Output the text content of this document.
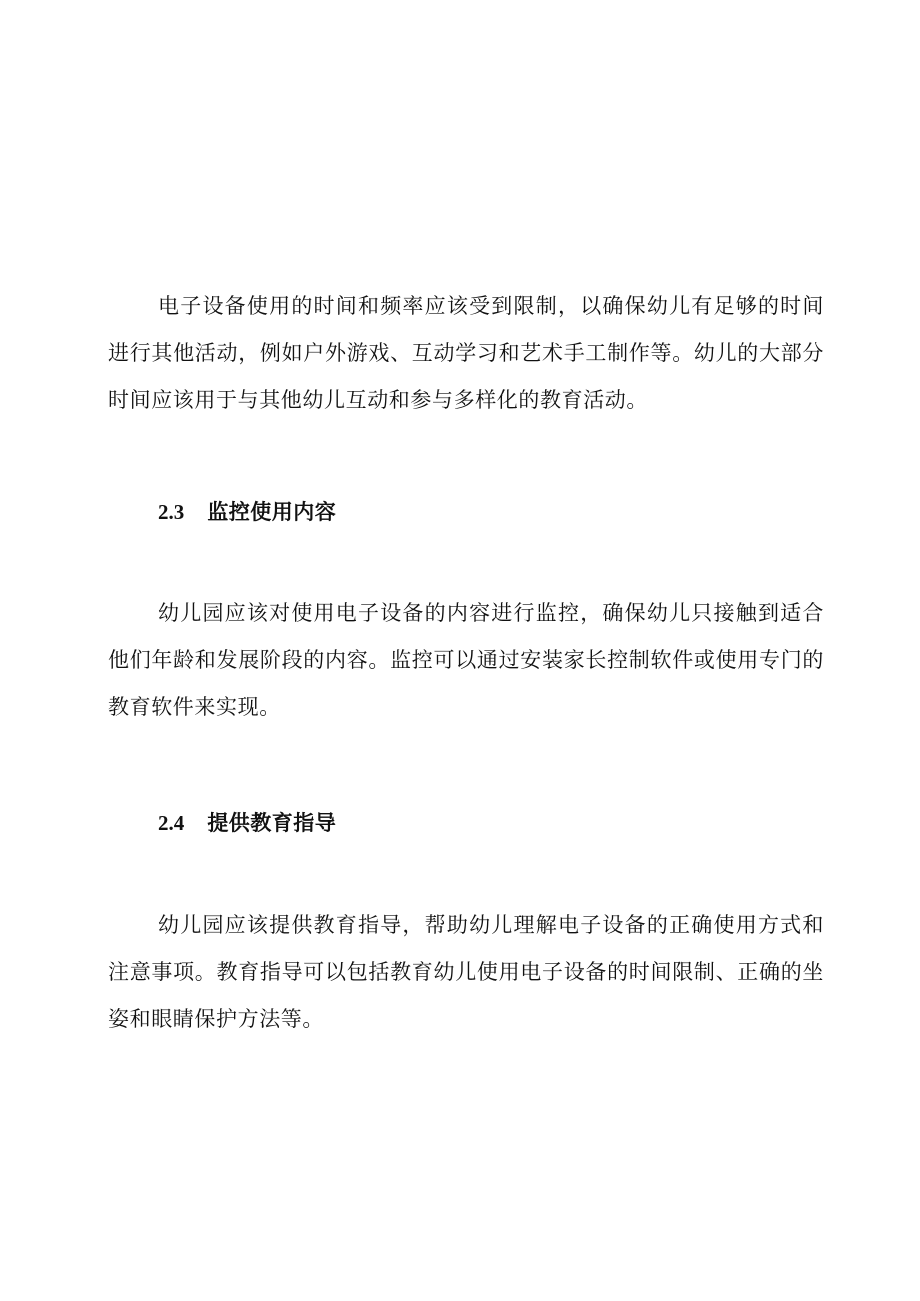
电子设备使用的时间和频率应该受到限制，以确保幼儿有足够的时间进行其他活动，例如户外游戏、互动学习和艺术手工制作等。幼儿的大部分时间应该用于与其他幼儿互动和参与多样化的教育活动。

2.3 监控使用内容

幼儿园应该对使用电子设备的内容进行监控，确保幼儿只接触到适合他们年龄和发展阶段的内容。监控可以通过安装家长控制软件或使用专门的教育软件来实现。

2.4 提供教育指导

幼儿园应该提供教育指导，帮助幼儿理解电子设备的正确使用方式和注意事项。教育指导可以包括教育幼儿使用电子设备的时间限制、正确的坐姿和眼睛保护方法等。
